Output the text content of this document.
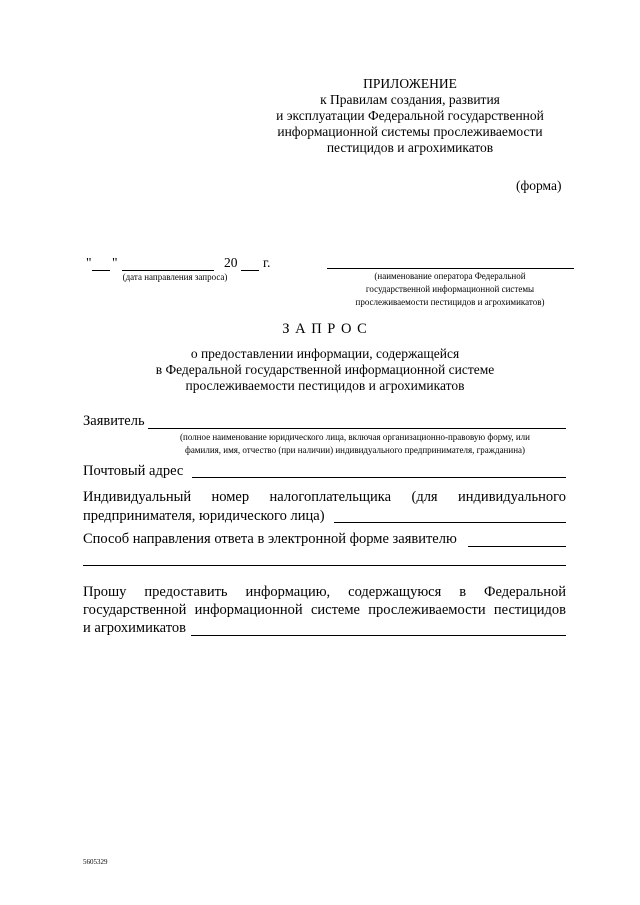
ПРИЛОЖЕНИЕ
к Правилам создания, развития
и эксплуатации Федеральной государственной
информационной системы прослеживаемости
пестицидов и агрохимикатов
(форма)
" "	20 г.
(дата направления запроса)	(наименование оператора Федеральной
государственной информационной системы
прослеживаемости пестицидов и агрохимикатов)
З А П Р О С
о предоставлении информации, содержащейся
в Федеральной государственной информационной системе
прослеживаемости пестицидов и агрохимикатов
Заявитель
(полное наименование юридического лица, включая организационно-правовую форму, или
фамилия, имя, отчество (при наличии) индивидуального предпринимателя, гражданина)
Почтовый адрес
Индивидуальный номер налогоплательщика (для индивидуального
предпринимателя, юридического лица)
Способ направления ответа в электронной форме заявителю
Прошу предоставить информацию, содержащуюся в Федеральной
государственной информационной системе прослеживаемости пестицидов
и агрохимикатов
5605329
